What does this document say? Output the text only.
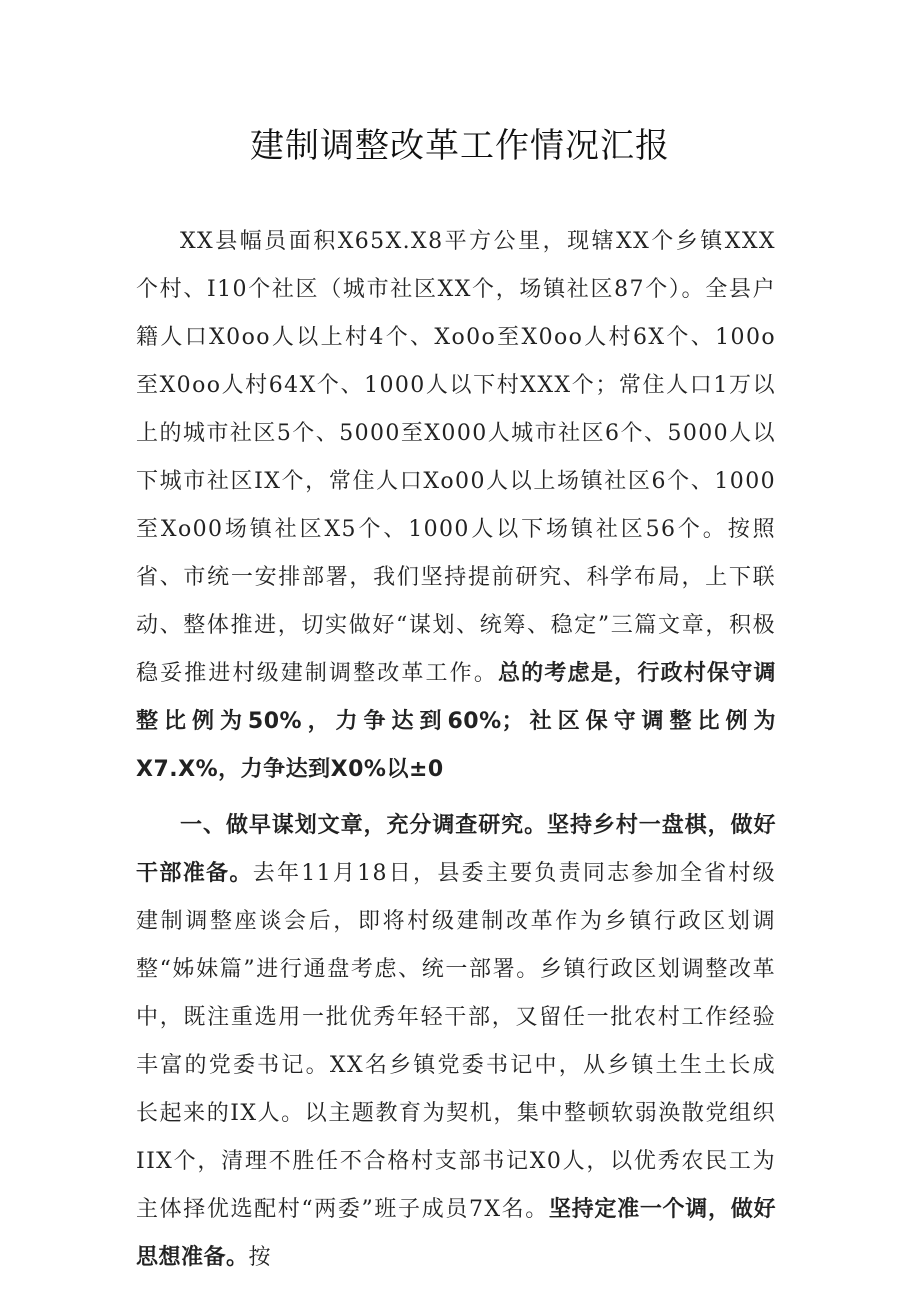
建制调整改革工作情况汇报

XX县幅员面积X65X.X8平方公里，现辖XX个乡镇XXX个村、I10个社区（城市社区XX个，场镇社区87个）。全县户籍人口X0oo人以上村4个、Xo0o至X0oo人村6X个、100o至X0oo人村64X个、1000人以下村XXX个；常住人口1万以上的城市社区5个、5000至X000人城市社区6个、5000人以下城市社区IX个，常住人口Xo00人以上场镇社区6个、1000至Xo00场镇社区X5个、1000人以下场镇社区56个。按照省、市统一安排部署，我们坚持提前研究、科学布局，上下联动、整体推进，切实做好“谋划、统筹、稳定”三篇文章，积极稳妥推进村级建制调整改革工作。总的考虑是，行政村保守调整比例为50%，力争达到60%；社区保守调整比例为X7.X%，力争达到X0%以±0

一、做早谋划文章，充分调查研究。坚持乡村一盘棋，做好干部准备。去年11月18日，县委主要负责同志参加全省村级建制调整座谈会后，即将村级建制改革作为乡镇行政区划调整“姊妹篇”进行通盘考虑、统一部署。乡镇行政区划调整改革中，既注重选用一批优秀年轻干部，又留任一批农村工作经验丰富的党委书记。XX名乡镇党委书记中，从乡镇土生土长成长起来的IX人。以主题教育为契机，集中整顿软弱涣散党组织IIX个，清理不胜任不合格村支部书记X0人，以优秀农民工为主体择优选配村“两委”班子成员7X名。坚持定准一个调，做好思想准备。按
